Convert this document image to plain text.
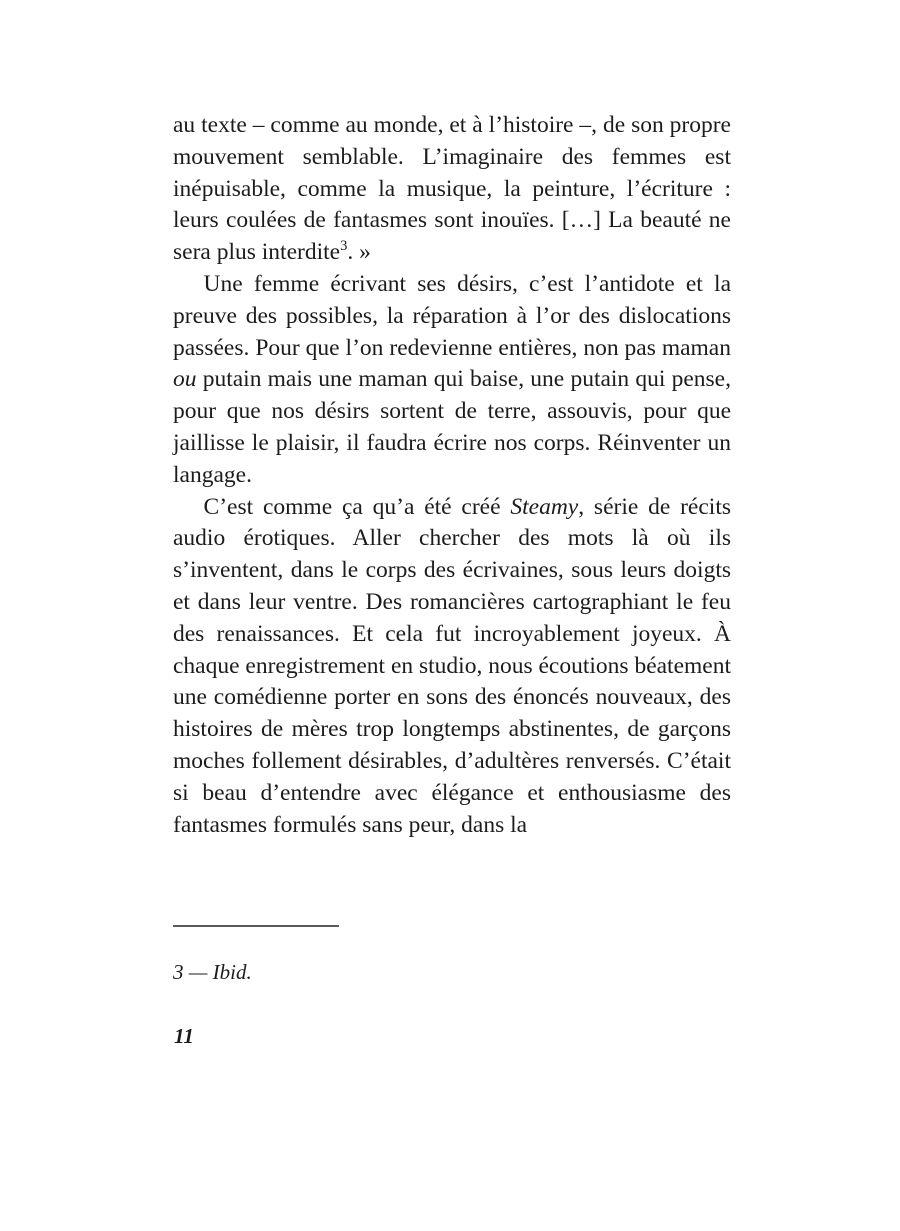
au texte – comme au monde, et à l’histoire –, de son propre mouvement semblable. L’imaginaire des femmes est inépuisable, comme la musique, la peinture, l’écriture : leurs coulées de fantasmes sont inouïes. […] La beauté ne sera plus interdite$^3$. »

Une femme écrivant ses désirs, c’est l’antidote et la preuve des possibles, la réparation à l’or des dislocations passées. Pour que l’on redevienne entières, non pas maman ou putain mais une maman qui baise, une putain qui pense, pour que nos désirs sortent de terre, assouvis, pour que jaillisse le plaisir, il faudra écrire nos corps. Réinventer un langage.

C’est comme ça qu’a été créé Steamy, série de récits audio érotiques. Aller chercher des mots là où ils s’inventent, dans le corps des écrivaines, sous leurs doigts et dans leur ventre. Des romancières cartographiant le feu des renaissances. Et cela fut incroyablement joyeux. À chaque enregistrement en studio, nous écoutions béatement une comédienne porter en sons des énoncés nouveaux, des histoires de mères trop longtemps abstinentes, de garçons moches follement désirables, d’adultères renversés. C’était si beau d’entendre avec élégance et enthousiasme des fantasmes formulés sans peur, dans la

3 — Ibid.

11
